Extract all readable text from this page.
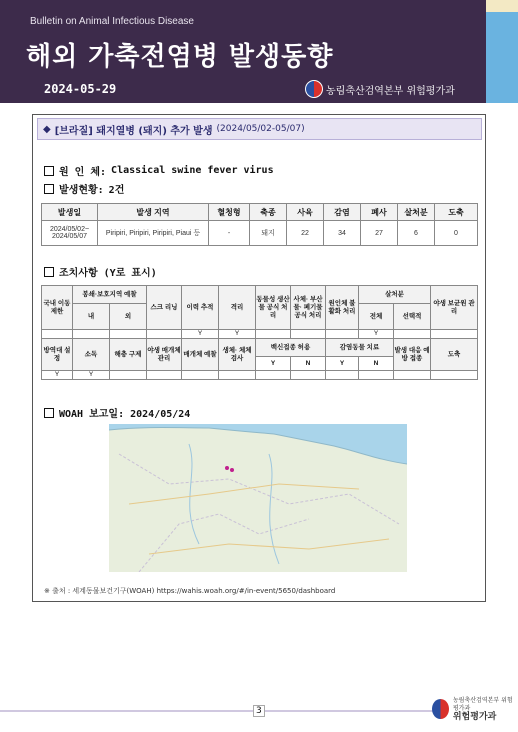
Bulletin on Animal Infectious Disease
해외 가축전염병 발생동향
2024-05-29	농림축산검역본부 위험평가과
◆ [브라질] 돼지열병 (돼지) 추가 발생 (2024/05/02-05/07)
원 인 체: Classical swine fever virus
발생현황: 2건
발생일	발생 지역	혈청형	축종	사육	감염	폐사	살처분	도축
2024/05/02~ 2024/05/07	Piripiri, Piripiri, Piripiri, Piaui 등	-	돼지	22	34	27	6	0
조치사항 (Y로 표시)
국내 이동 제한	봉쇄·보호지역 예찰		스크 리닝	이력 추적	격리	동물성 생산물 공식 처리	사체· 부산물· 폐기물 공식 처리	원인체 불활화 처리	살처분		야생 보균원 관리
	내	외							전체	선택적	
				Y	Y				Y		
방역대 설정	소독	해충 구제	야생 매개체 관리	매개체 예찰	생체· 체체 검사	백신접종 허용		감염동물 치료		발생 대응 예방 접종	도축
						Y	N	Y	N		
Y	Y										
WOAH 보고일: 2024/05/24
※ 출처 : 세계동물보건기구(WOAH) https://wahis.woah.org/#/in-event/5650/dashboard
3
농림축산검역본부 위험평가과
위험평가과
